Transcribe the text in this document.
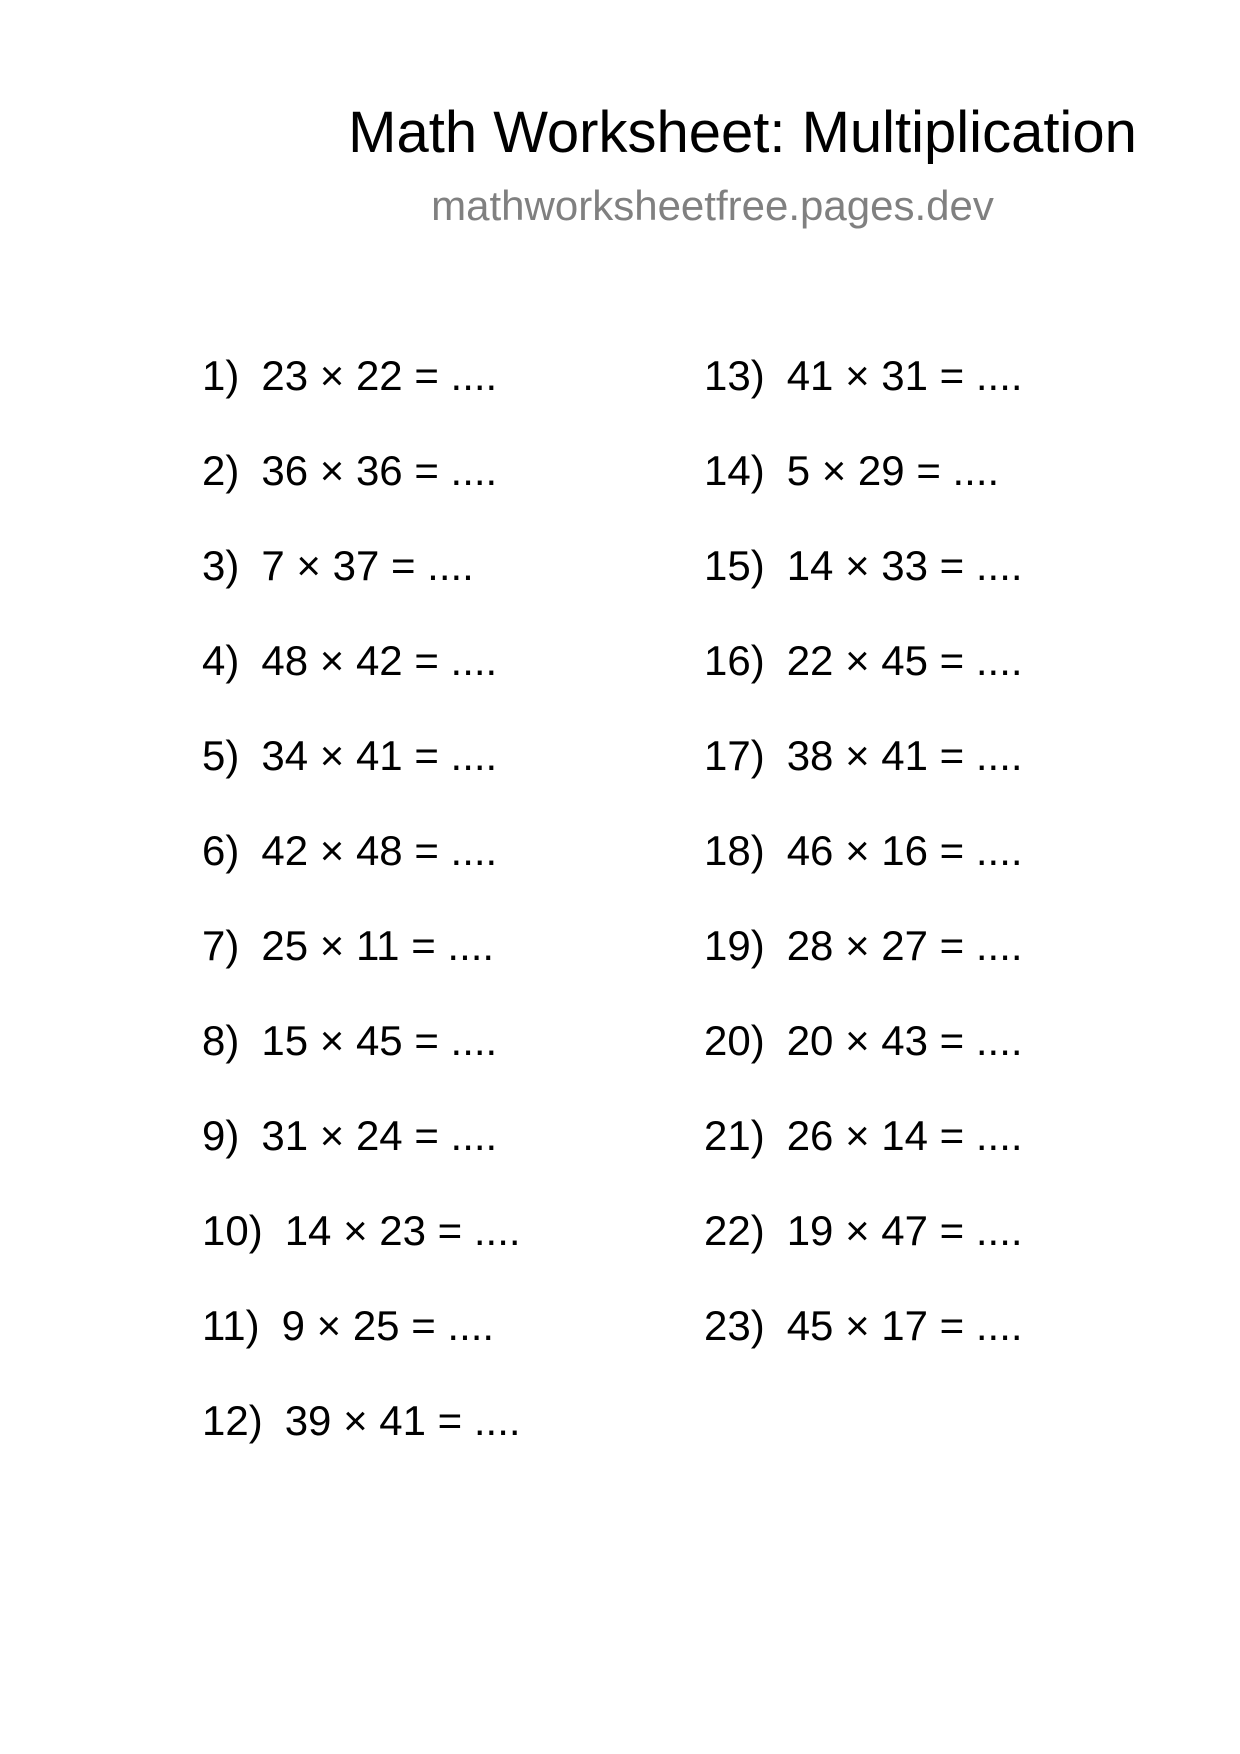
Math Worksheet: Multiplication
mathworksheetfree.pages.dev
1) 23 × 22 = ....
2) 36 × 36 = ....
3) 7 × 37 = ....
4) 48 × 42 = ....
5) 34 × 41 = ....
6) 42 × 48 = ....
7) 25 × 11 = ....
8) 15 × 45 = ....
9) 31 × 24 = ....
10) 14 × 23 = ....
11) 9 × 25 = ....
12) 39 × 41 = ....
13) 41 × 31 = ....
14) 5 × 29 = ....
15) 14 × 33 = ....
16) 22 × 45 = ....
17) 38 × 41 = ....
18) 46 × 16 = ....
19) 28 × 27 = ....
20) 20 × 43 = ....
21) 26 × 14 = ....
22) 19 × 47 = ....
23) 45 × 17 = ....
